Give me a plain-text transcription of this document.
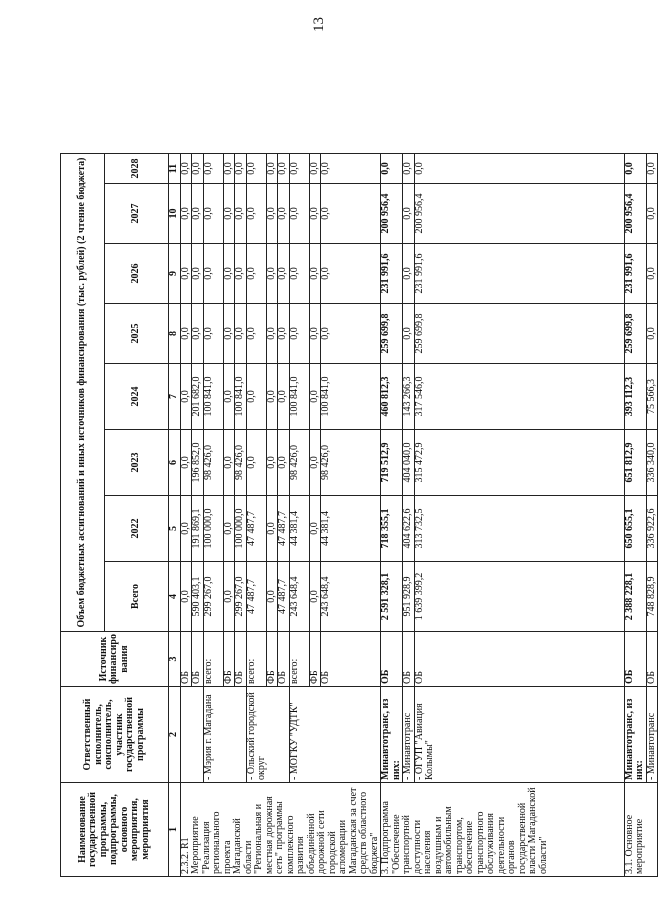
Наименование государственной программы, подпрограммы, основного мероприятия, мероприятия	Ответственный исполнитель, соисполнитель, участник государственной программы	Источник финансиро вания	Объем бюджетных ассигнований и иных источников финансирования (тыс. рублей) (2 чтение бюджета)							
			Всего	2022	2023	2024	2025	2026	2027	2028
1	2	3	4	5	6	7	8	9	10	11
2.3.2. R1 Мероприятие "Реализация регионального проекта Магаданской области "Региональная и местная дорожная сеть" программы комплексного развития объединённой дорожной сети городской агломерации Магаданская за счет средств областного бюджета"		ОБ	0,0	0,0	0,0	0,0	0,0	0,0	0,0	0,0
		ОБ	590 403,1	191 869,1	196 852,0	201 682,0	0,0	0,0	0,0	0,0
	- Мэрия г. Магадана	всего:	299 267,0	100 000,0	98 426,0	100 841,0	0,0	0,0	0,0	0,0
		ФБ	0,0	0,0	0,0	0,0	0,0	0,0	0,0	0,0
		ОБ	299 267,0	100 000,0	98 426,0	100 841,0	0,0	0,0	0,0	0,0
	- Ольский городской округ	всего:	47 487,7	47 487,7	0,0	0,0	0,0	0,0	0,0	0,0
		ФБ	0,0	0,0	0,0	0,0	0,0	0,0	0,0	0,0
		ОБ	47 487,7	47 487,7	0,0	0,0	0,0	0,0	0,0	0,0
	- МОГКУ "УДТК"	всего:	243 648,4	44 381,4	98 426,0	100 841,0	0,0	0,0	0,0	0,0
		ФБ	0,0	0,0	0,0	0,0	0,0	0,0	0,0	0,0
		ОБ	243 648,4	44 381,4	98 426,0	100 841,0	0,0	0,0	0,0	0,0
3. Подпрограмма "Обеспечение транспортной доступности населения воздушным и автомобильным транспортом, обеспечение транспортного обслуживания деятельности органов государственной власти Магаданской области"	Минавтотранс, из них:	ОБ	2 591 328,1	718 355,1	719 512,9	460 812,3	259 699,8	231 991,6	200 956,4	0,0
	- Минавтотранс	ОБ	951 928,9	404 622,6	404 040,0	143 266,3	0,0	0,0	0,0	0,0
	- ОГУП "Авиация Колымы"	ОБ	1 639 399,2	313 732,5	315 472,9	317 546,0	259 699,8	231 991,6	200 956,4	0,0
3.1. Основное мероприятие	Минавтотранс, из них:	ОБ	2 388 228,1	650 655,1	651 812,9	393 112,3	259 699,8	231 991,6	200 956,4	0,0
	- Минавтотранс	ОБ	748 828,9	336 922,6	336 340,0	75 566,3	0,0	0,0	0,0	0,0
13
